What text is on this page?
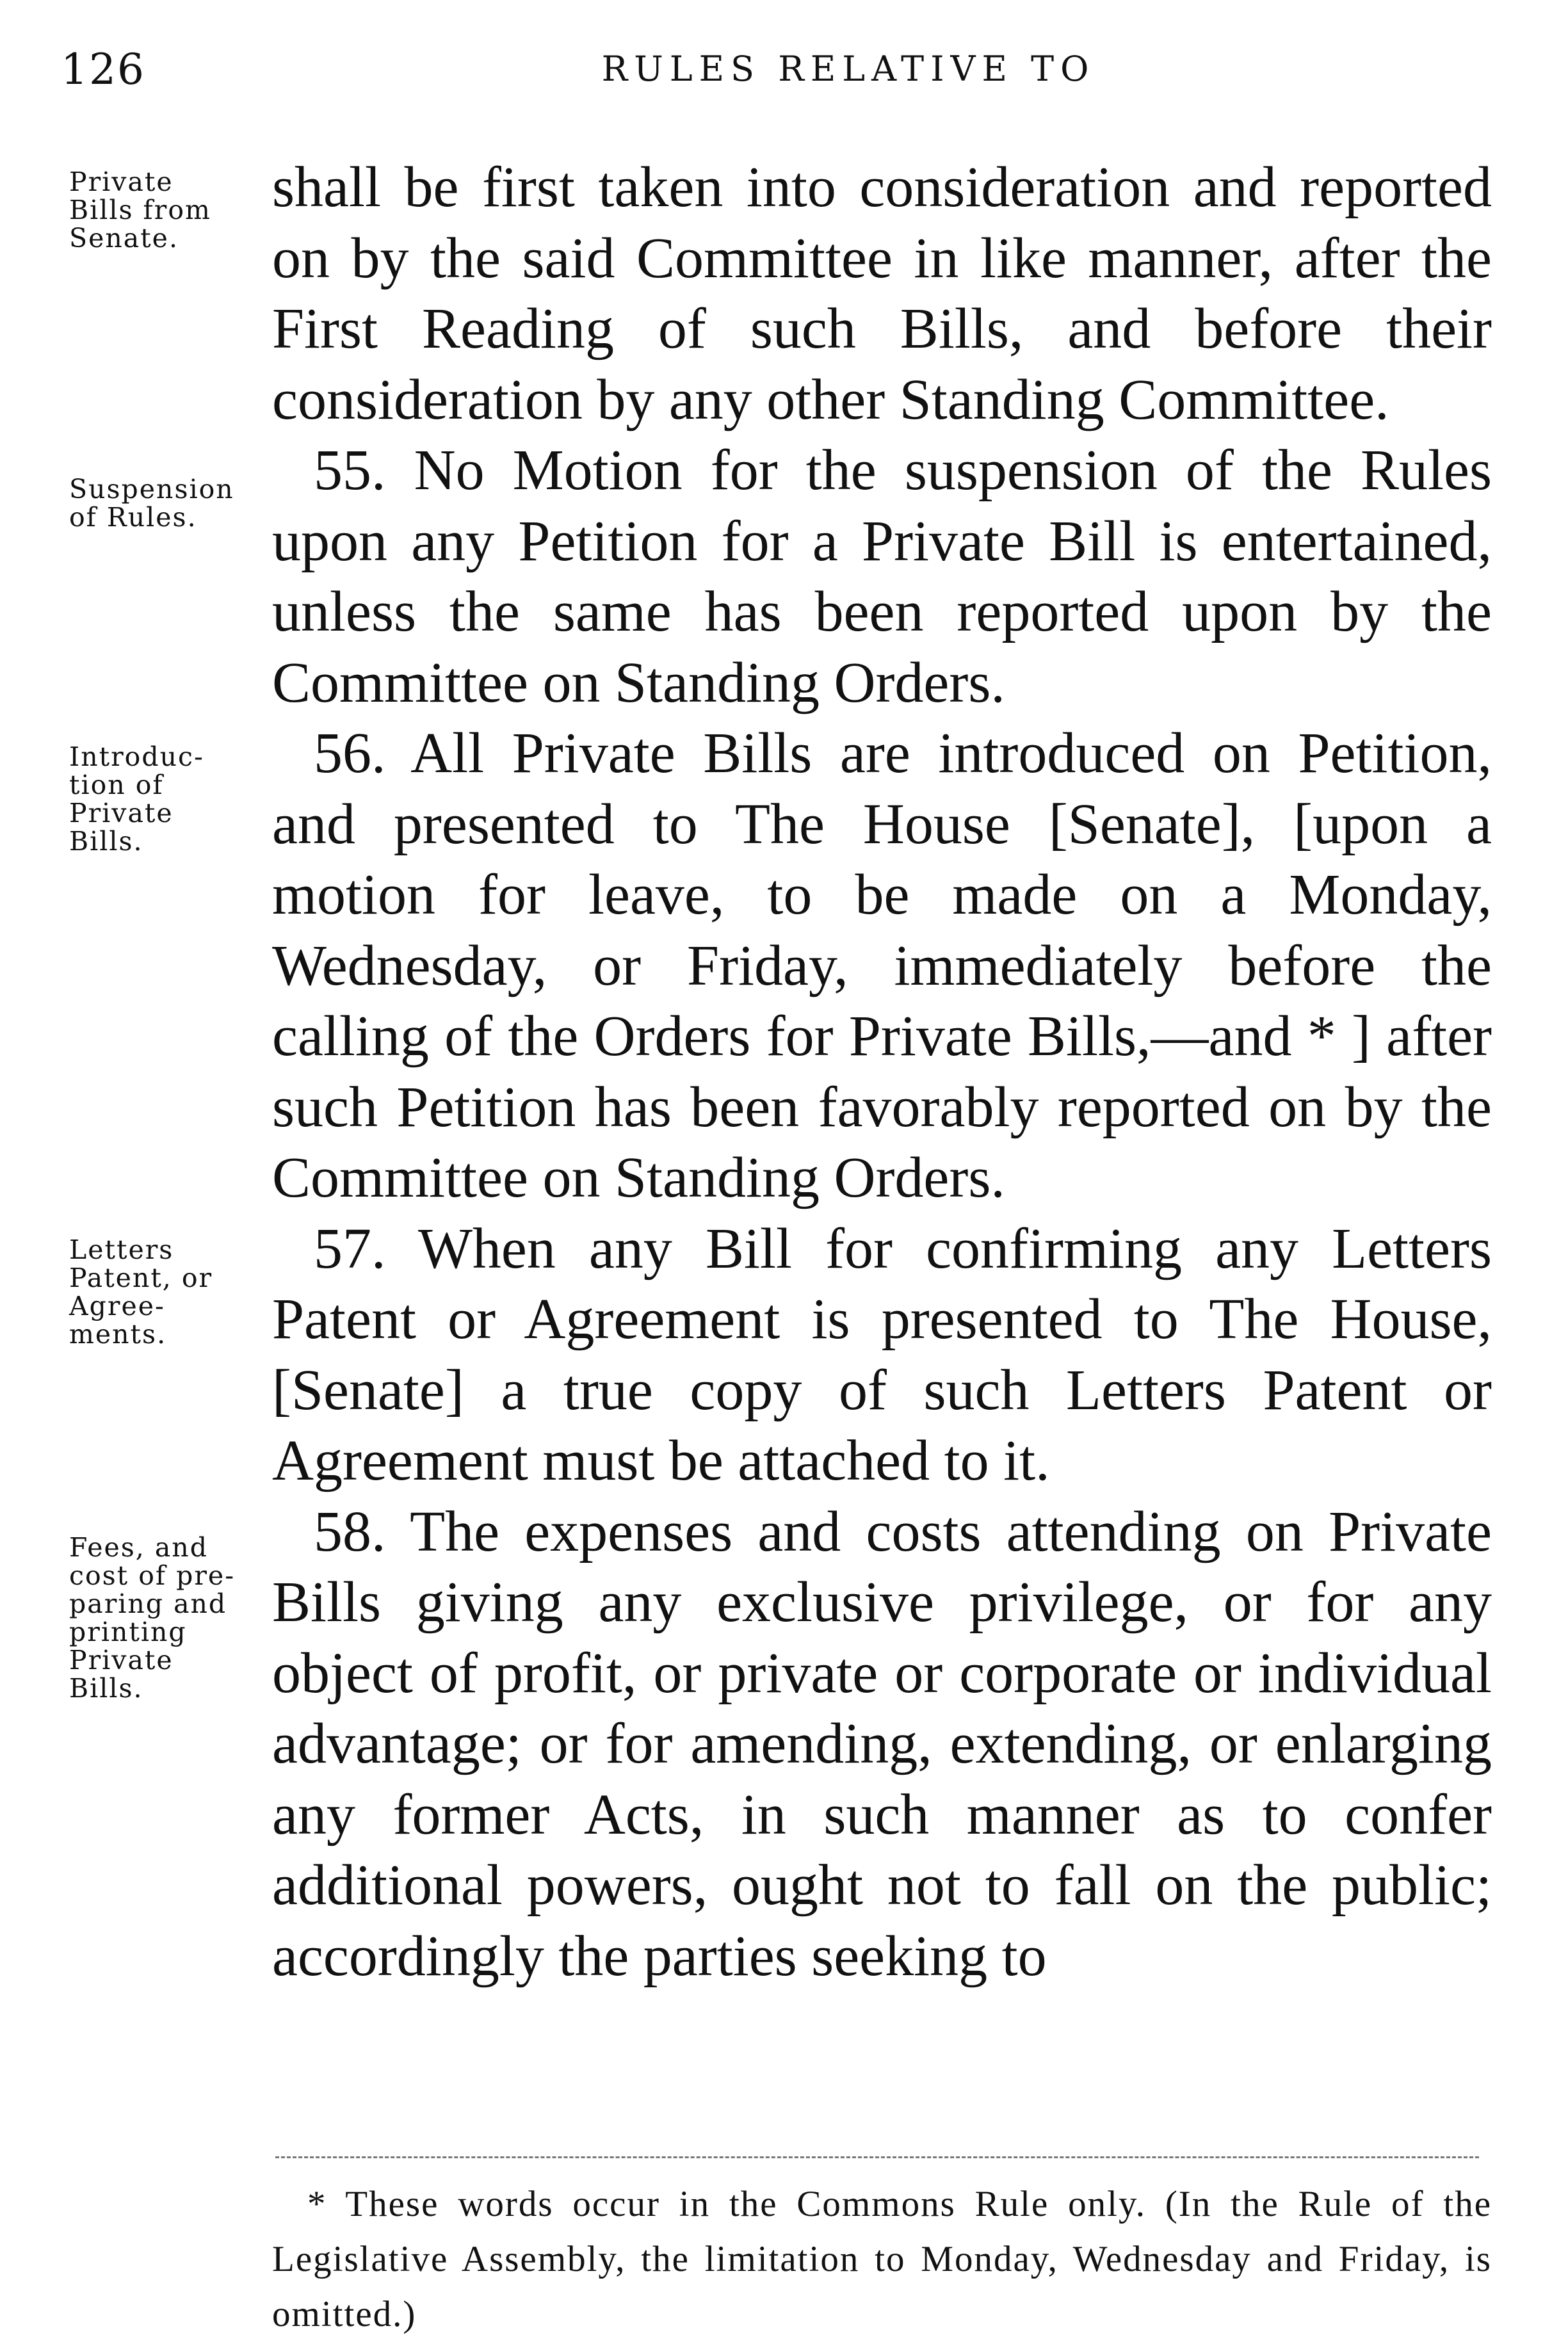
126	RULES RELATIVE TO
Private
Bills from
Senate.
Suspension
of Rules.
Introduc-
tion of
Private
Bills.
Letters
Patent, or
Agree-
ments.
Fees, and
cost of pre-
paring and
printing
Private
Bills.

shall be first taken into consideration and reported on by the said Committee in like manner, after the First Reading of such Bills, and before their consideration by any other Standing Committee.

55. No Motion for the suspension of the Rules upon any Petition for a Private Bill is entertained, unless the same has been reported upon by the Committee on Standing Orders.

56. All Private Bills are introduced on Petition, and presented to The House [Senate], [upon a motion for leave, to be made on a Monday, Wednesday, or Friday, immediately before the calling of the Orders for Private Bills,—and * ] after such Petition has been favorably reported on by the Committee on Standing Orders.

57. When any Bill for confirming any Letters Patent or Agreement is presented to The House, [Senate] a true copy of such Letters Patent or Agreement must be attached to it.

58. The expenses and costs attending on Private Bills giving any exclusive privilege, or for any object of profit, or private or corporate or individual advantage; or for amending, extending, or enlarging any former Acts, in such manner as to confer additional powers, ought not to fall on the public; accordingly the parties seeking to

* These words occur in the Commons Rule only. (In the Rule of the Legislative Assembly, the limitation to Monday, Wednesday and Friday, is omitted.)
